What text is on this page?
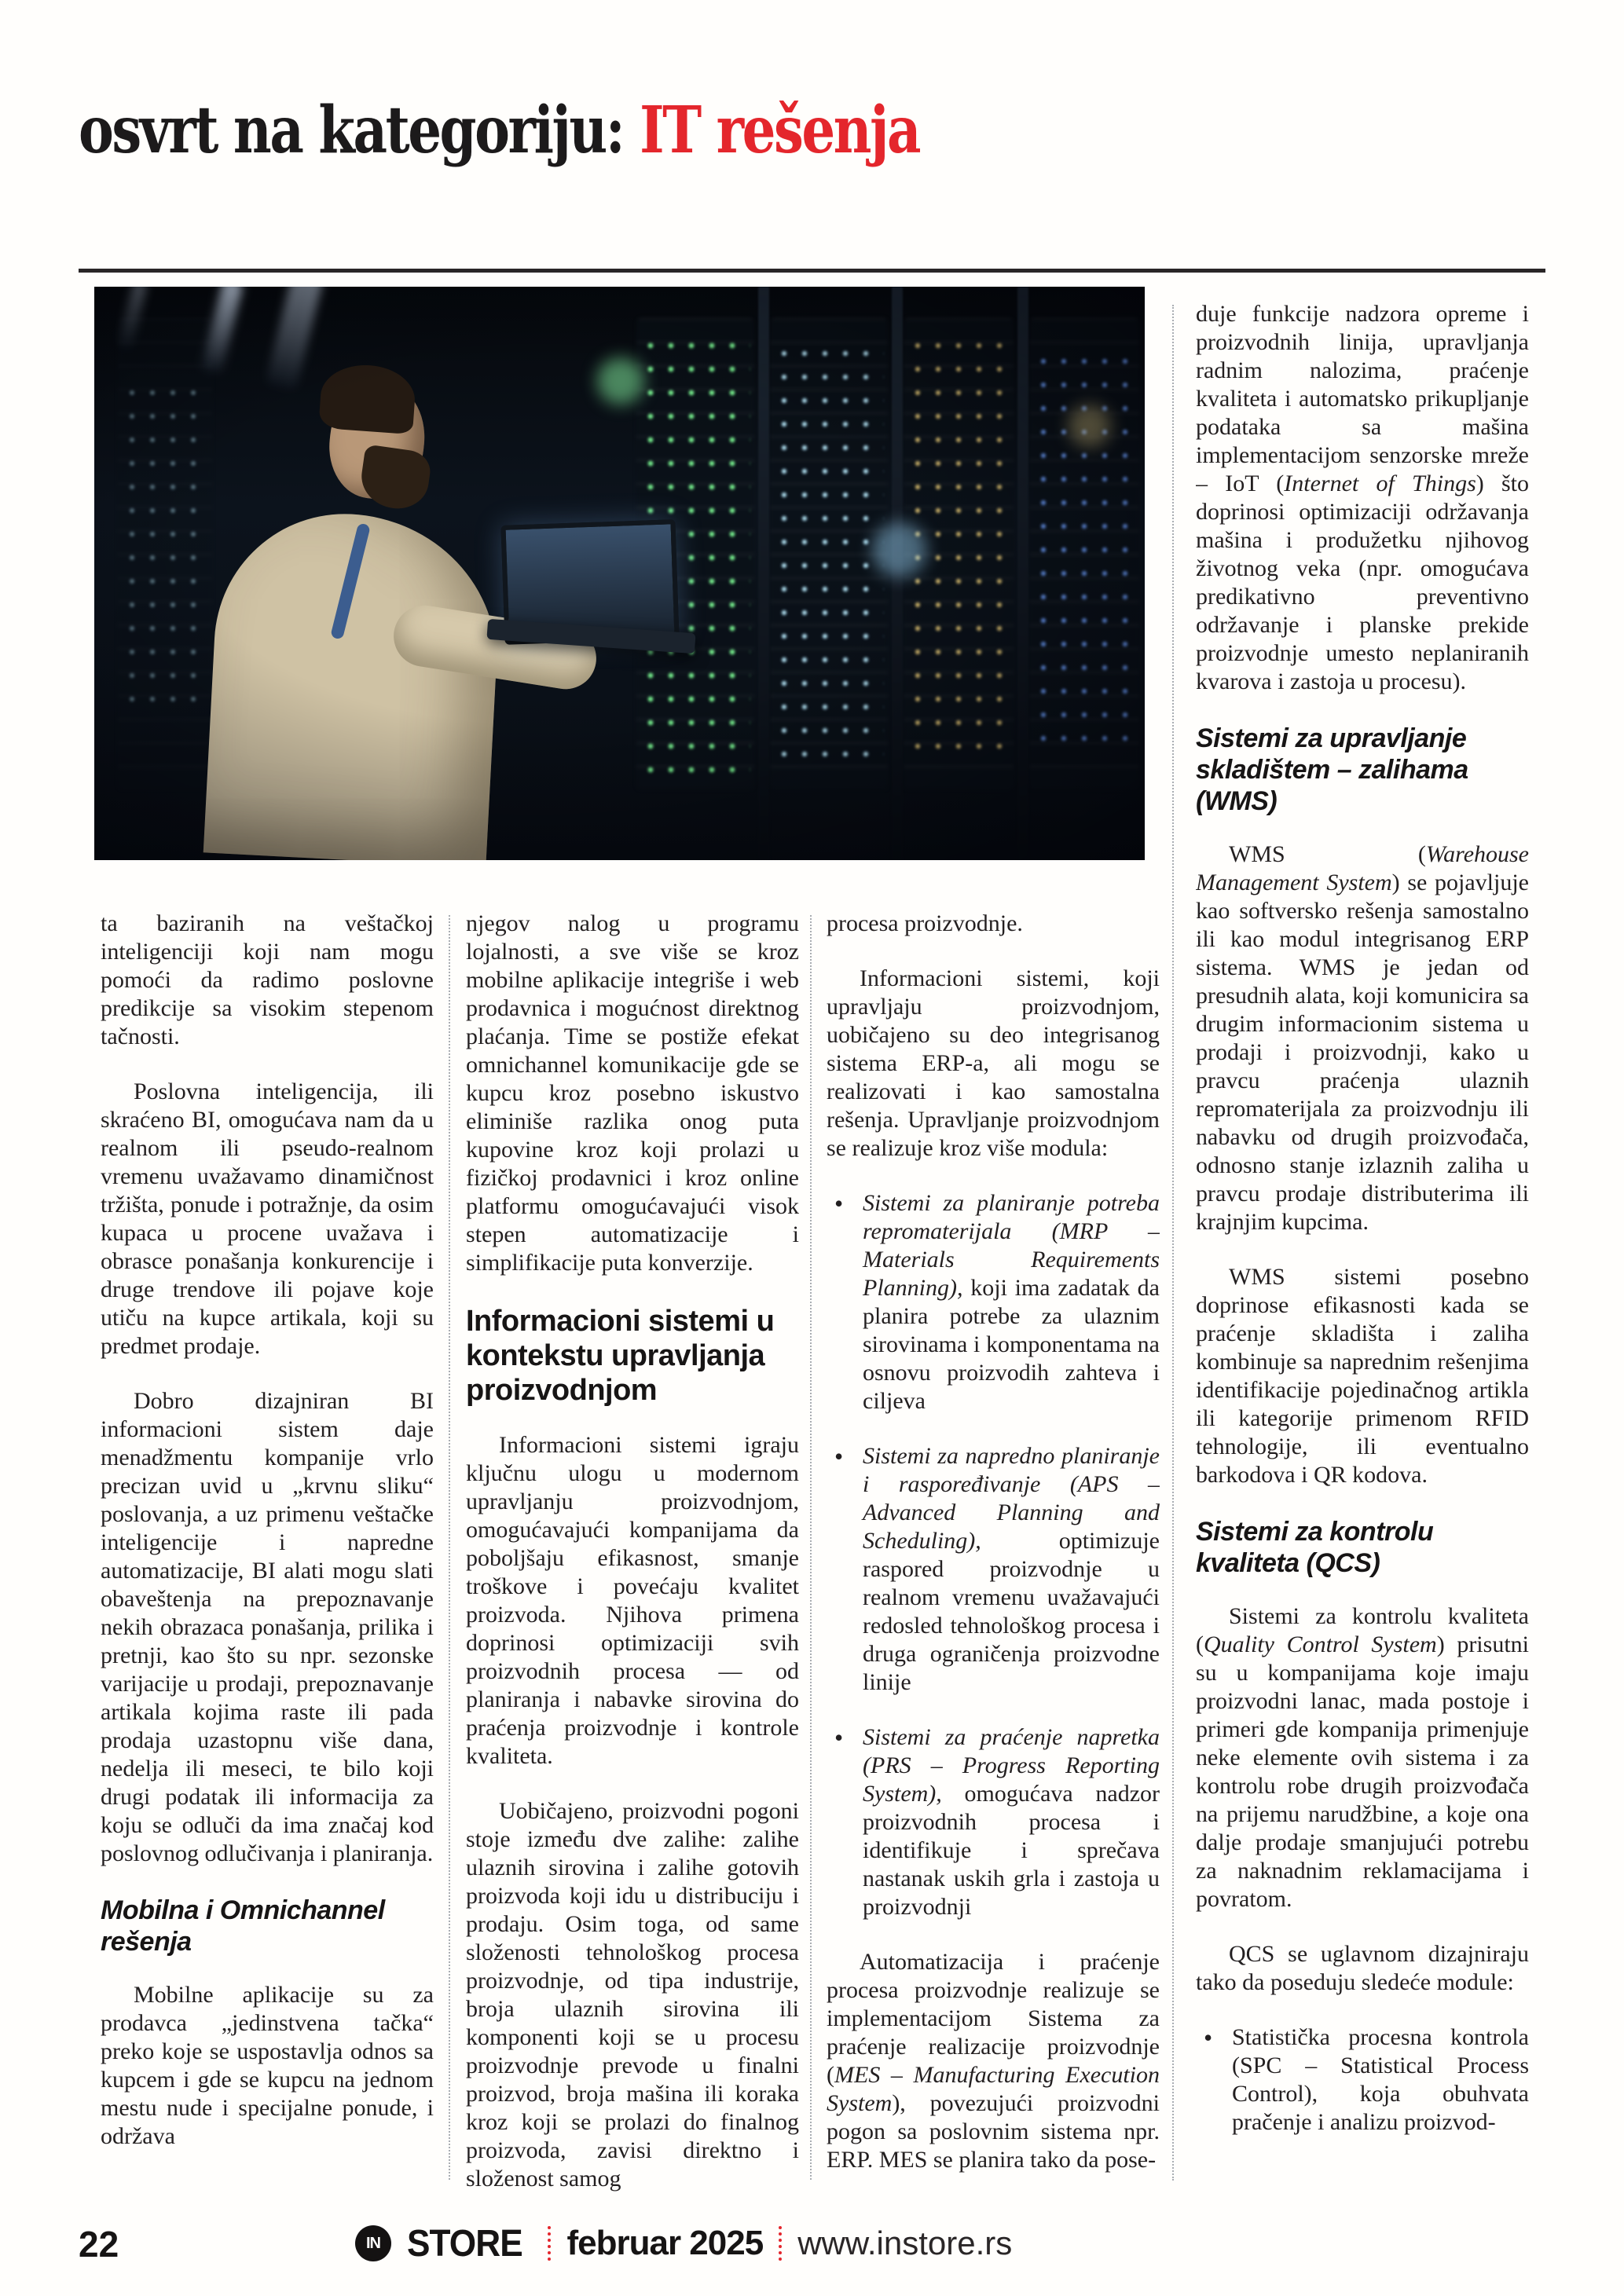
osvrt na kategoriju: IT rešenja

ta baziranih na veštačkoj inteligenciji koji nam mogu pomoći da radimo poslovne predikcije sa visokim stepenom tačnosti.

Poslovna inteligencija, ili skraćeno BI, omogućava nam da u realnom ili pseudo-realnom vremenu uvažavamo dinamičnost tržišta, ponude i potražnje, da osim kupaca u procene uvažava i obrasce ponašanja konkurencije i druge trendove ili pojave koje utiču na kupce artikala, koji su predmet prodaje.

Dobro dizajniran BI informacioni sistem daje menadžmentu kompanije vrlo precizan uvid u „krvnu sliku“ poslovanja, a uz primenu veštačke inteligencije i napredne automatizacije, BI alati mogu slati obaveštenja na prepoznavanje nekih obrazaca ponašanja, prilika i pretnji, kao što su npr. sezonske varijacije u prodaji, prepoznavanje artikala kojima raste ili pada prodaja uzastopnu više dana, nedelja ili meseci, te bilo koji drugi podatak ili informacija za koju se odluči da ima značaj kod poslovnog odlučivanja i planiranja.

Mobilna i Omnichannel rešenja

Mobilne aplikacije su za prodavca „jedinstvena tačka“ preko koje se uspostavlja odnos sa kupcem i gde se kupcu na jednom mestu nude i specijalne ponude, i održava

njegov nalog u programu lojalnosti, a sve više se kroz mobilne aplikacije integriše i web prodavnica i mogućnost direktnog plaćanja. Time se postiže efekat omnichannel komunikacije gde se kupcu kroz posebno iskustvo eliminiše razlika onog puta kupovine kroz koji prolazi u fizičkoj prodavnici i kroz online platformu omogućavajući visok stepen automatizacije i simplifikacije puta konverzije.

Informacioni sistemi u kontekstu upravljanja proizvodnjom

Informacioni sistemi igraju ključnu ulogu u modernom upravljanju proizvodnjom, omogućavajući kompanijama da poboljšaju efikasnost, smanje troškove i povećaju kvalitet proizvoda. Njihova primena doprinosi optimizaciji svih proizvodnih procesa — od planiranja i nabavke sirovina do praćenja proizvodnje i kontrole kvaliteta.

Uobičajeno, proizvodni pogoni stoje između dve zalihe: zalihe ulaznih sirovina i zalihe gotovih proizvoda koji idu u distribuciju i prodaju. Osim toga, od same složenosti tehnološkog procesa proizvodnje, od tipa industrije, broja ulaznih sirovina ili komponenti koji se u procesu proizvodnje prevode u finalni proizvod, broja mašina ili koraka kroz koji se prolazi do finalnog proizvoda, zavisi direktno i složenost samog

procesa proizvodnje.

Informacioni sistemi, koji upravljaju proizvodnjom, uobičajeno su deo integrisanog sistema ERP-a, ali mogu se realizovati i kao samostalna rešenja. Upravljanje proizvodnjom se realizuje kroz više modula:

• Sistemi za planiranje potreba repromaterijala (MRP – Materials Requirements Planning), koji ima zadatak da planira potrebe za ulaznim sirovinama i komponentama na osnovu proizvodih zahteva i ciljeva

• Sistemi za napredno planiranje i raspoređivanje (APS – Advanced Planning and Scheduling), optimizuje raspored proizvodnje u realnom vremenu uvažavajući redosled tehnološkog procesa i druga ograničenja proizvodne linije

• Sistemi za praćenje napretka (PRS – Progress Reporting System), omogućava nadzor proizvodnih procesa i identifikuje i sprečava nastanak uskih grla i zastoja u proizvodnji

Automatizacija i praćenje procesa proizvodnje realizuje se implementacijom Sistema za praćenje realizacije proizvodnje (MES – Manufacturing Execution System), povezujući proizvodni pogon sa poslovnim sistema npr. ERP. MES se planira tako da pose-

duje funkcije nadzora opreme i proizvodnih linija, upravljanja radnim nalozima, praćenje kvaliteta i automatsko prikupljanje podataka sa mašina implementacijom senzorske mreže – IoT (Internet of Things) što doprinosi optimizaciji održavanja mašina i produžetku njihovog životnog veka (npr. omogućava predikativno preventivno održavanje i planske prekide proizvodnje umesto neplaniranih kvarova i zastoja u procesu).

Sistemi za upravljanje skladištem – zalihama (WMS)

WMS (Warehouse Management System) se pojavljuje kao softversko rešenja samostalno ili kao modul integrisanog ERP sistema. WMS je jedan od presudnih alata, koji komunicira sa drugim informacionim sistema u prodaji i proizvodnji, kako u pravcu praćenja ulaznih repromaterijala za proizvodnju ili nabavku od drugih proizvođača, odnosno stanje izlaznih zaliha u pravcu prodaje distributerima ili krajnjim kupcima.

WMS sistemi posebno doprinose efikasnosti kada se praćenje skladišta i zaliha kombinuje sa naprednim rešenjima identifikacije pojedinačnog artikla ili kategorije primenom RFID tehnologije, ili eventualno barkodova i QR kodova.

Sistemi za kontrolu kvaliteta (QCS)

Sistemi za kontrolu kvaliteta (Quality Control System) prisutni su u kompanijama koje imaju proizvodni lanac, mada postoje i primeri gde kompanija primenjuje neke elemente ovih sistema i za kontrolu robe drugih proizvođača na prijemu narudžbine, a koje ona dalje prodaje smanjujući potrebu za naknadnim reklamacijama i povratom.

QCS se uglavnom dizajniraju tako da poseduju sledeće module:

• Statistička procesna kontrola (SPC – Statistical Process Control), koja obuhvata pračenje i analizu proizvod-

22	IN STORE februar 2025 www.instore.rs
